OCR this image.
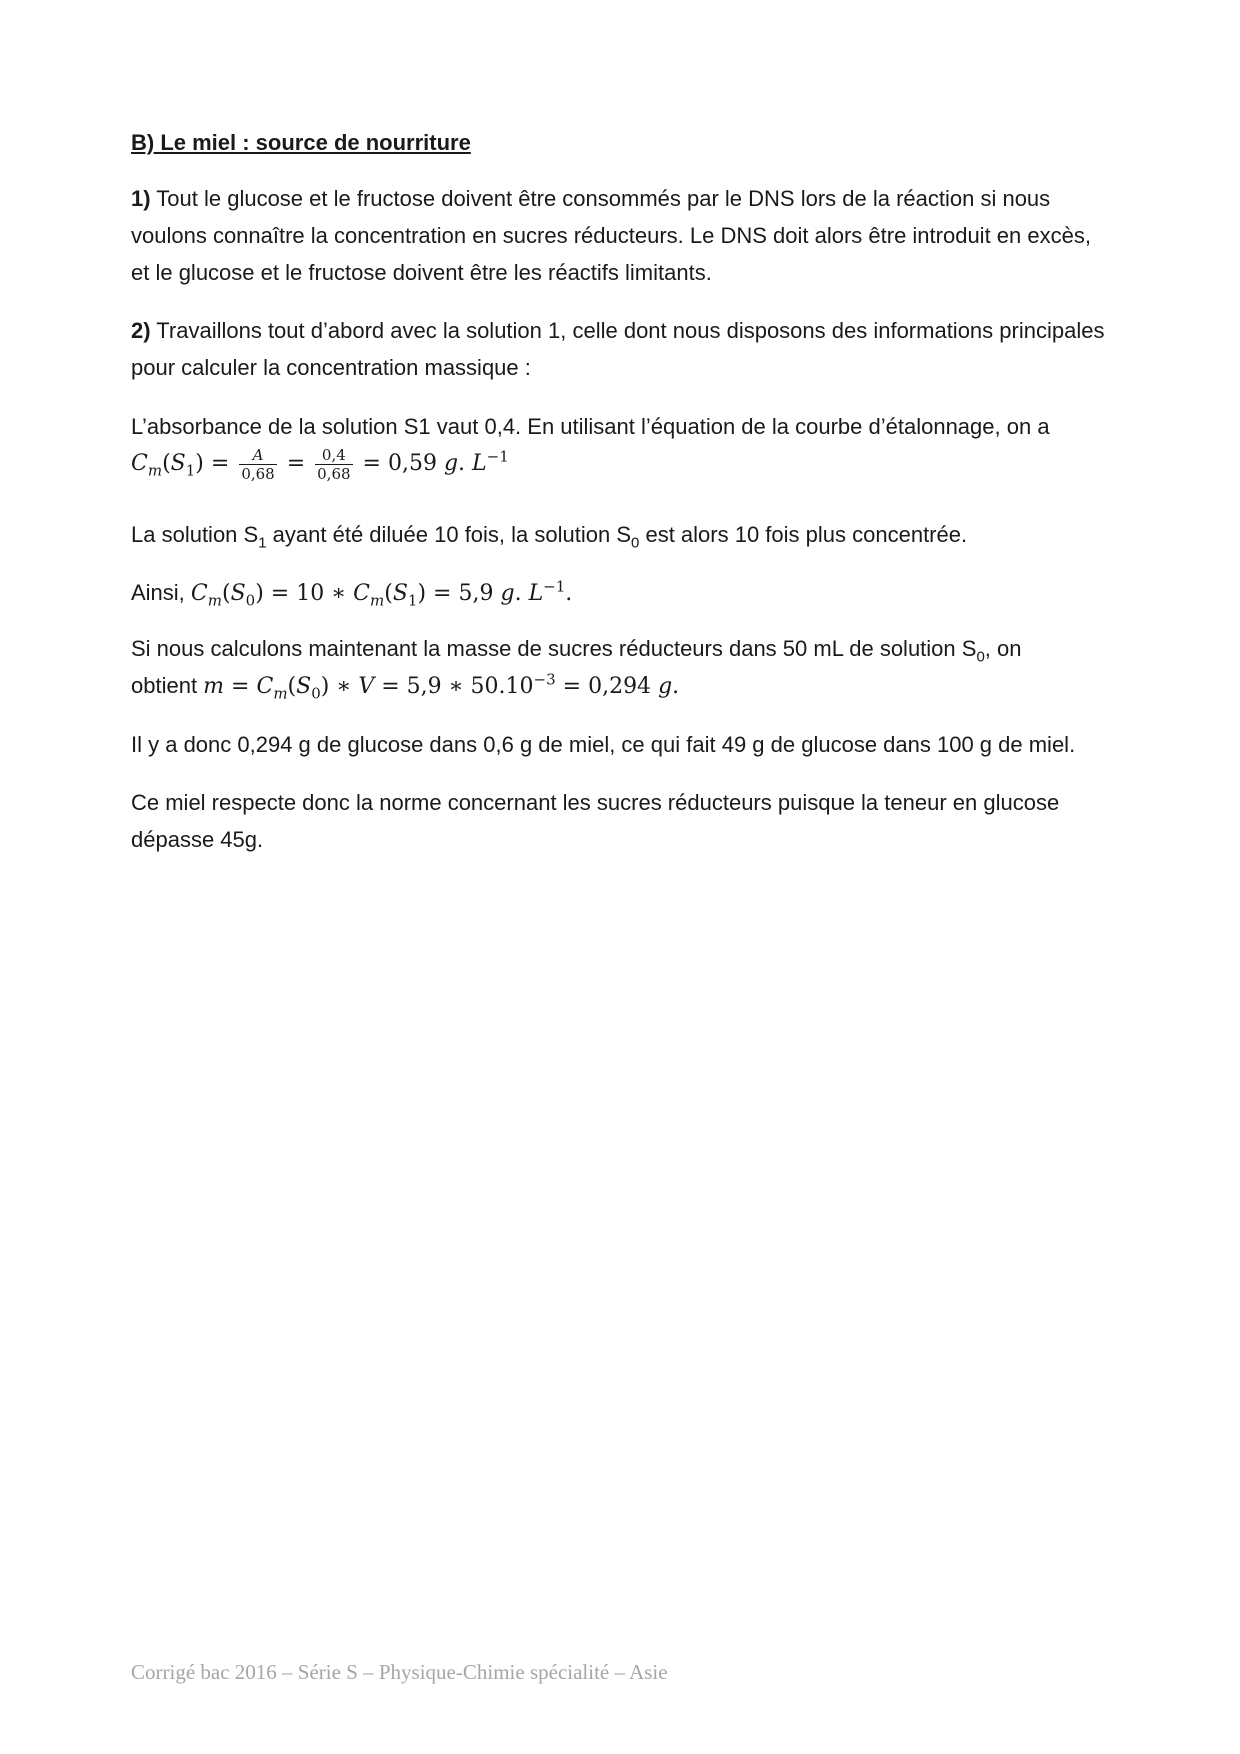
B) Le miel : source de nourriture
1) Tout le glucose et le fructose doivent être consommés par le DNS lors de la réaction si nous voulons connaître la concentration en sucres réducteurs. Le DNS doit alors être introduit en excès, et le glucose et le fructose doivent être les réactifs limitants.
2) Travaillons tout d’abord avec la solution 1, celle dont nous disposons des informations principales pour calculer la concentration massique :
L’absorbance de la solution S1 vaut 0,4. En utilisant l’équation de la courbe d’étalonnage, on a
$C_m(S_1) = \frac{A}{0,68} = \frac{0,4}{0,68} = 0,59$ g. $L^{-1}$
La solution $S_1$ ayant été diluée 10 fois, la solution $S_0$ est alors 10 fois plus concentrée.
Ainsi, $C_m(S_0) = 10$ ∗ $C_m(S_1) = 5,9$ g. $L^{-1}$.
Si nous calculons maintenant la masse de sucres réducteurs dans 50 mL de solution $S_0$, on
obtient $m = C_m(S_0)$ ∗ V = 5,9 ∗ $50.10^{-3} = 0,294$ g.
Il y a donc 0,294 g de glucose dans 0,6 g de miel, ce qui fait 49 g de glucose dans 100 g de miel.
Ce miel respecte donc la norme concernant les sucres réducteurs puisque la teneur en glucose dépasse 45g.
Corrigé bac 2016 – Série S – Physique-Chimie spécialité – Asie
